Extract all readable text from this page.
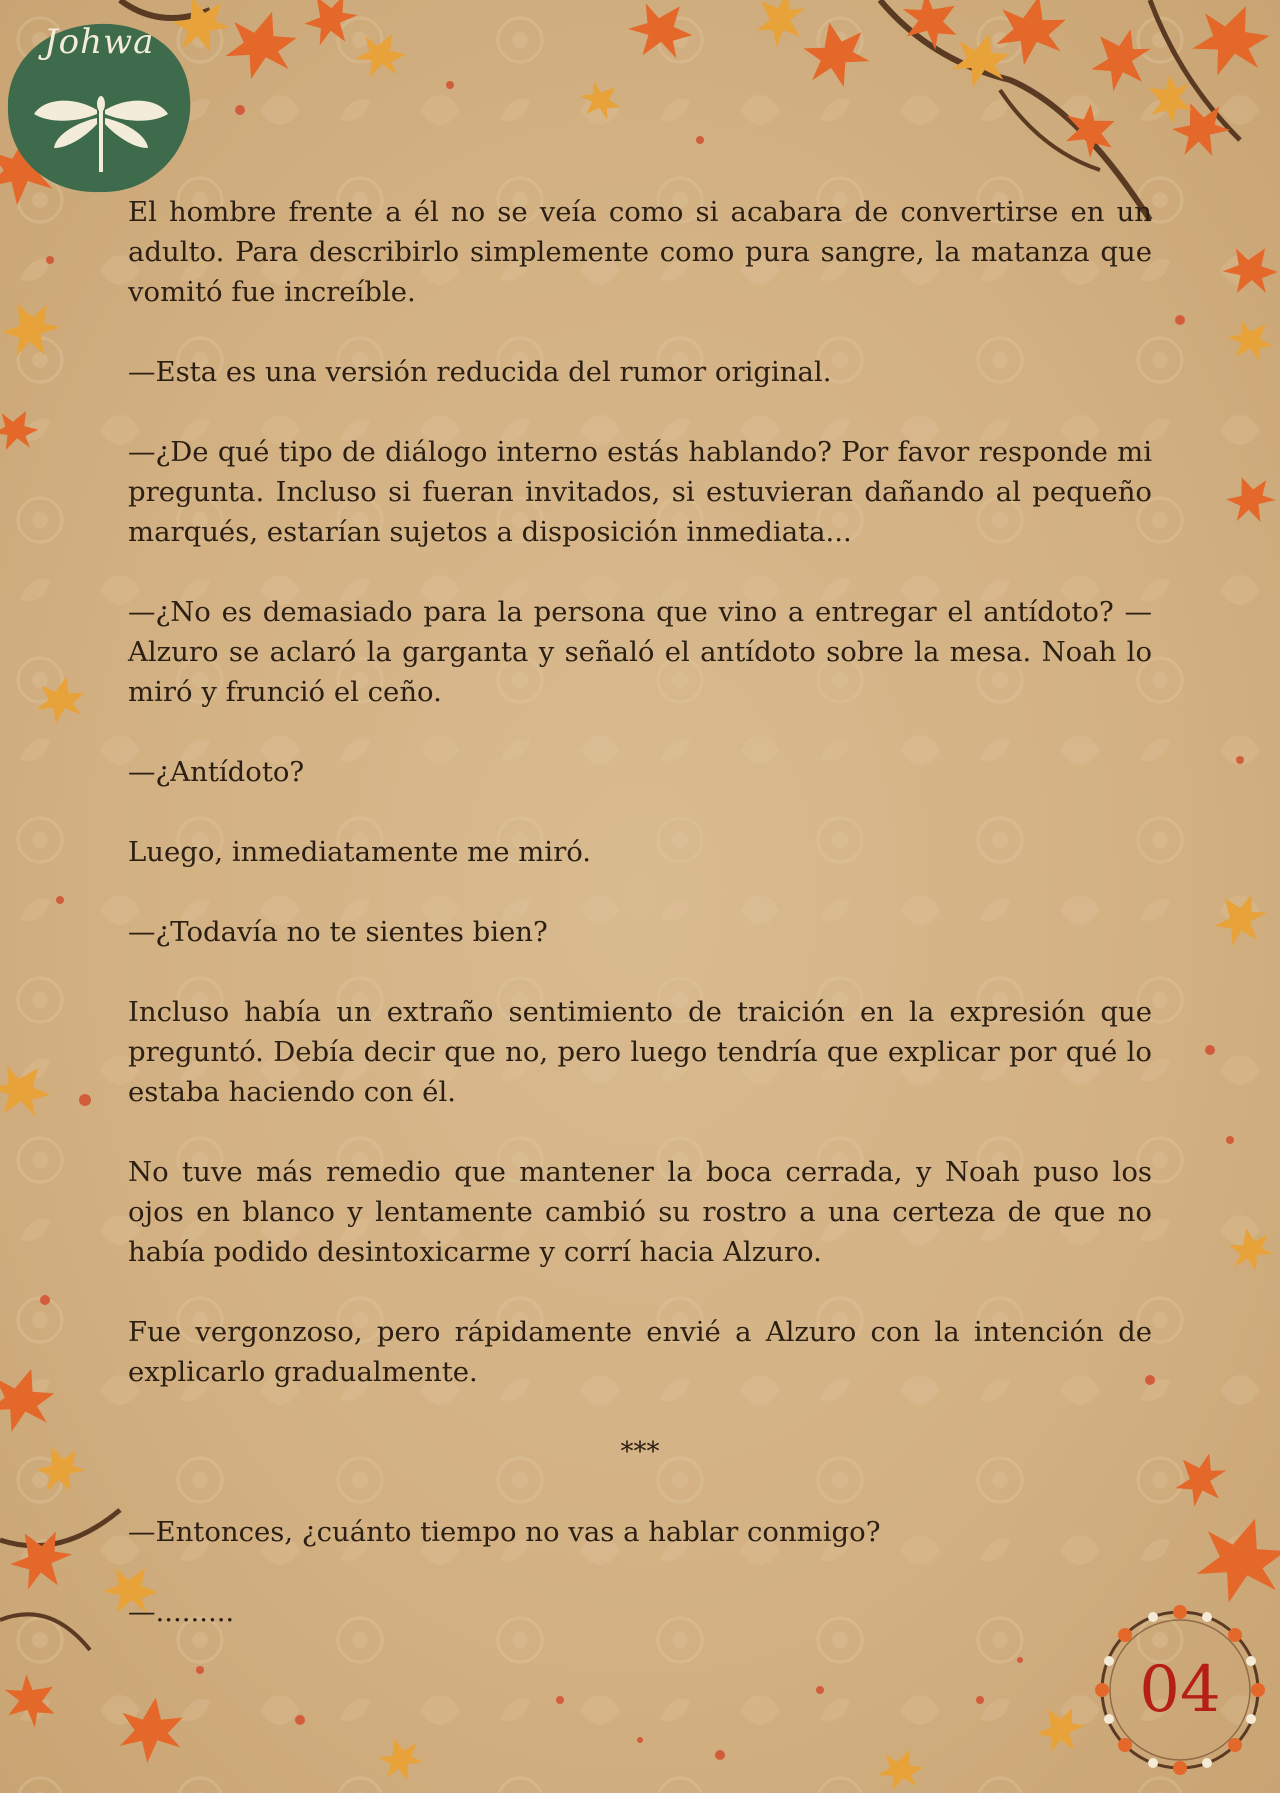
Johwa

El hombre frente a él no se veía como si acabara de convertirse en un adulto. Para describirlo simplemente como pura sangre, la matanza que vomitó fue increíble.

—Esta es una versión reducida del rumor original.

—¿De qué tipo de diálogo interno estás hablando? Por favor responde mi pregunta. Incluso si fueran invitados, si estuvieran dañando al pequeño marqués, estarían sujetos a disposición inmediata...

—¿No es demasiado para la persona que vino a entregar el antídoto? —Alzuro se aclaró la garganta y señaló el antídoto sobre la mesa. Noah lo miró y frunció el ceño.

—¿Antídoto?

Luego, inmediatamente me miró.

—¿Todavía no te sientes bien?

Incluso había un extraño sentimiento de traición en la expresión que preguntó. Debía decir que no, pero luego tendría que explicar por qué lo estaba haciendo con él.

No tuve más remedio que mantener la boca cerrada, y Noah puso los ojos en blanco y lentamente cambió su rostro a una certeza de que no había podido desintoxicarme y corrí hacia Alzuro.

Fue vergonzoso, pero rápidamente envié a Alzuro con la intención de explicarlo gradualmente.

***

—Entonces, ¿cuánto tiempo no vas a hablar conmigo?

—.........

04
